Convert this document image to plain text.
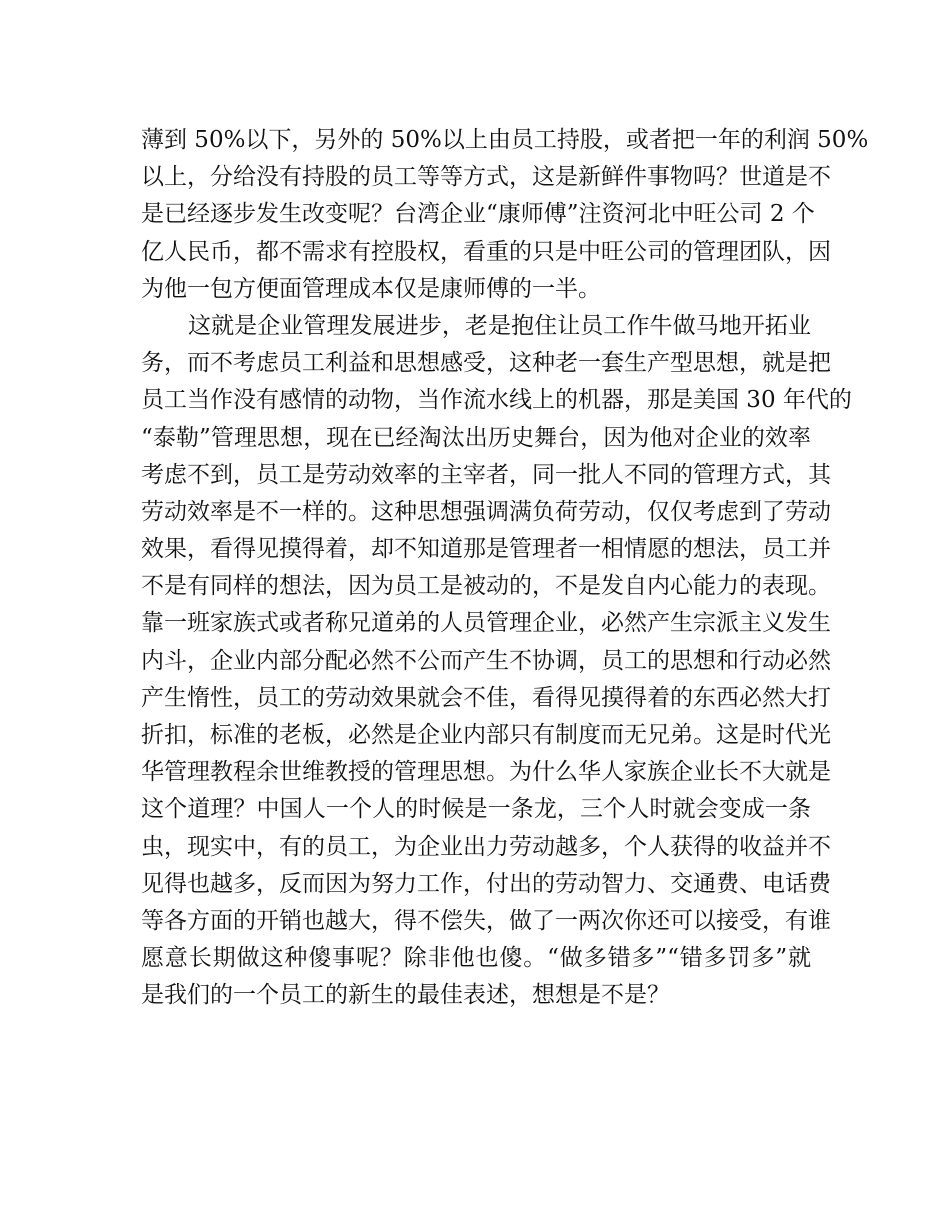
薄到 50%以下，另外的 50%以上由员工持股，或者把一年的利润 50%
以上，分给没有持股的员工等等方式，这是新鲜件事物吗？世道是不
是已经逐步发生改变呢？台湾企业“康师傅”注资河北中旺公司 2 个
亿人民币，都不需求有控股权，看重的只是中旺公司的管理团队，因
为他一包方便面管理成本仅是康师傅的一半。
这就是企业管理发展进步，老是抱住让员工作牛做马地开拓业
务，而不考虑员工利益和思想感受，这种老一套生产型思想，就是把
员工当作没有感情的动物，当作流水线上的机器，那是美国 30 年代的
“泰勒”管理思想，现在已经淘汰出历史舞台，因为他对企业的效率
考虑不到，员工是劳动效率的主宰者，同一批人不同的管理方式，其
劳动效率是不一样的。这种思想强调满负荷劳动，仅仅考虑到了劳动
效果，看得见摸得着，却不知道那是管理者一相情愿的想法，员工并
不是有同样的想法，因为员工是被动的，不是发自内心能力的表现。
靠一班家族式或者称兄道弟的人员管理企业，必然产生宗派主义发生
内斗，企业内部分配必然不公而产生不协调，员工的思想和行动必然
产生惰性，员工的劳动效果就会不佳，看得见摸得着的东西必然大打
折扣，标准的老板，必然是企业内部只有制度而无兄弟。这是时代光
华管理教程余世维教授的管理思想。为什么华人家族企业长不大就是
这个道理？中国人一个人的时候是一条龙，三个人时就会变成一条
虫，现实中，有的员工，为企业出力劳动越多，个人获得的收益并不
见得也越多，反而因为努力工作，付出的劳动智力、交通费、电话费
等各方面的开销也越大，得不偿失，做了一两次你还可以接受，有谁
愿意长期做这种傻事呢？除非他也傻。“做多错多”“错多罚多”就
是我们的一个员工的新生的最佳表述，想想是不是？
